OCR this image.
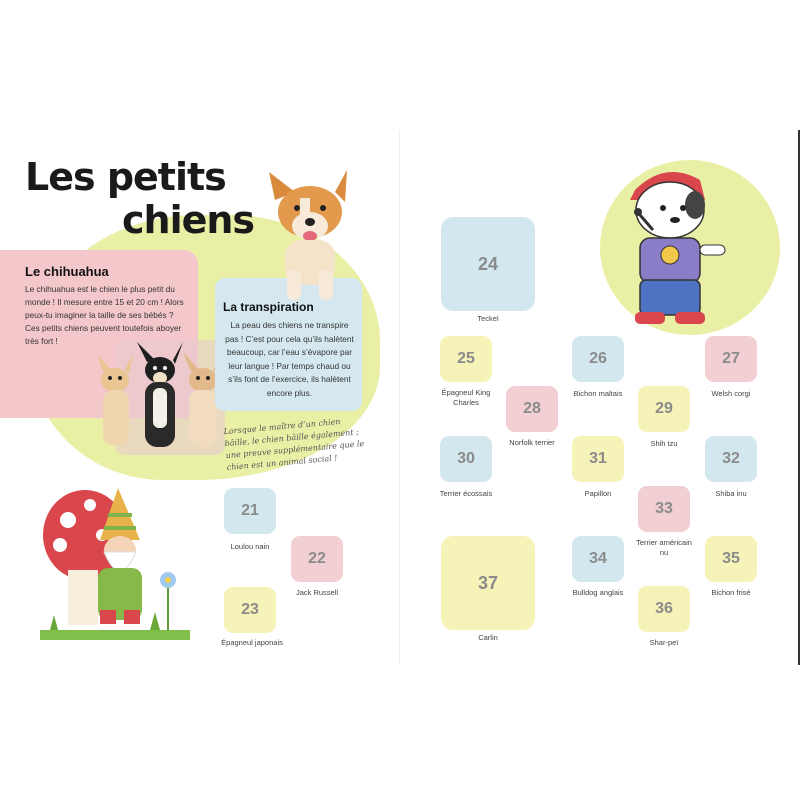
Les petits
chiens
Le chihuahua

Le chihuahua est le chien le plus petit du monde ! Il mesure entre 15 et 20 cm ! Alors peux-tu imaginer la taille de ses bébés ? Ces petits chiens peuvent toutefois aboyer très fort !

La transpiration

La peau des chiens ne transpire pas ! C’est pour cela qu’ils halètent beaucoup, car l’eau s’évapore par leur langue ! Par temps chaud ou s’ils font de l’exercice, ils halètent encore plus.

Lorsque le maître d’un chien bâille, le chien bâille également ; une preuve supplémentaire que le chien est un animal social !
21
Loulou nain
22
Jack Russell
23
Épagneul japonais
24
Teckel
25
Épagneul King Charles
26
Bichon maltais
27
Welsh corgi
28
Norfolk terrier
29
Shih tzu
30
Terrier écossais
31
Papillon
32
Shiba inu
33
Terrier américain nu
34
Bulldog anglais
35
Bichon frisé
36
Shar-peï
37
Carlin
